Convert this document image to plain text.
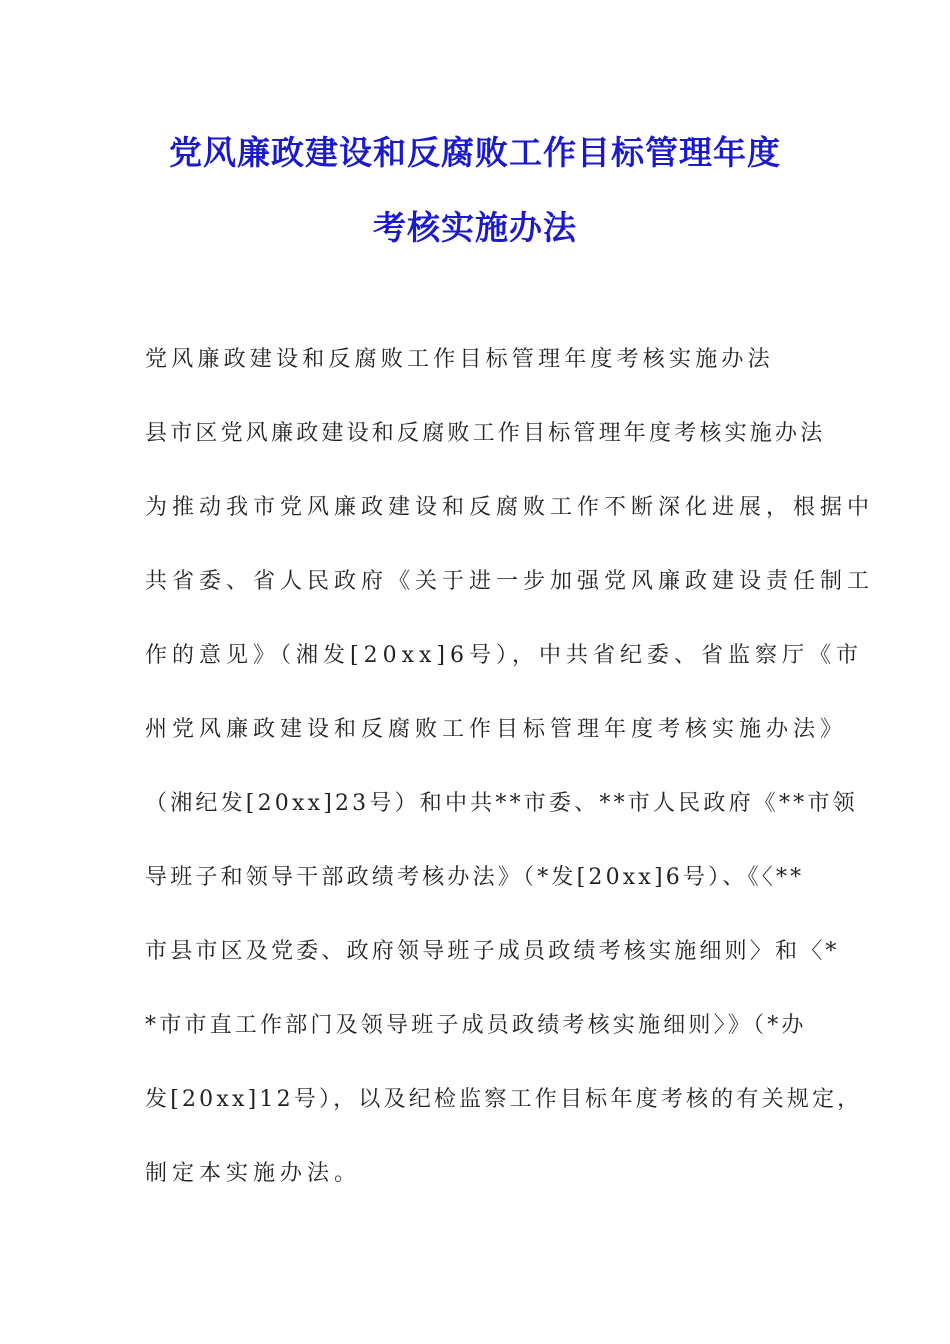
党风廉政建设和反腐败工作目标管理年度
考核实施办法
党风廉政建设和反腐败工作目标管理年度考核实施办法
县市区党风廉政建设和反腐败工作目标管理年度考核实施办法
为推动我市党风廉政建设和反腐败工作不断深化进展，根据中
共省委、省人民政府《关于进一步加强党风廉政建设责任制工
作的意见》（湘发[20xx]6号），中共省纪委、省监察厅《市
州党风廉政建设和反腐败工作目标管理年度考核实施办法》
（湘纪发[20xx]23号）和中共**市委、**市人民政府《**市领
导班子和领导干部政绩考核办法》（*发[20xx]6号）、《〈**
市县市区及党委、政府领导班子成员政绩考核实施细则〉和〈*
*市市直工作部门及领导班子成员政绩考核实施细则〉》（*办
发[20xx]12号），以及纪检监察工作目标年度考核的有关规定，
制定本实施办法。
